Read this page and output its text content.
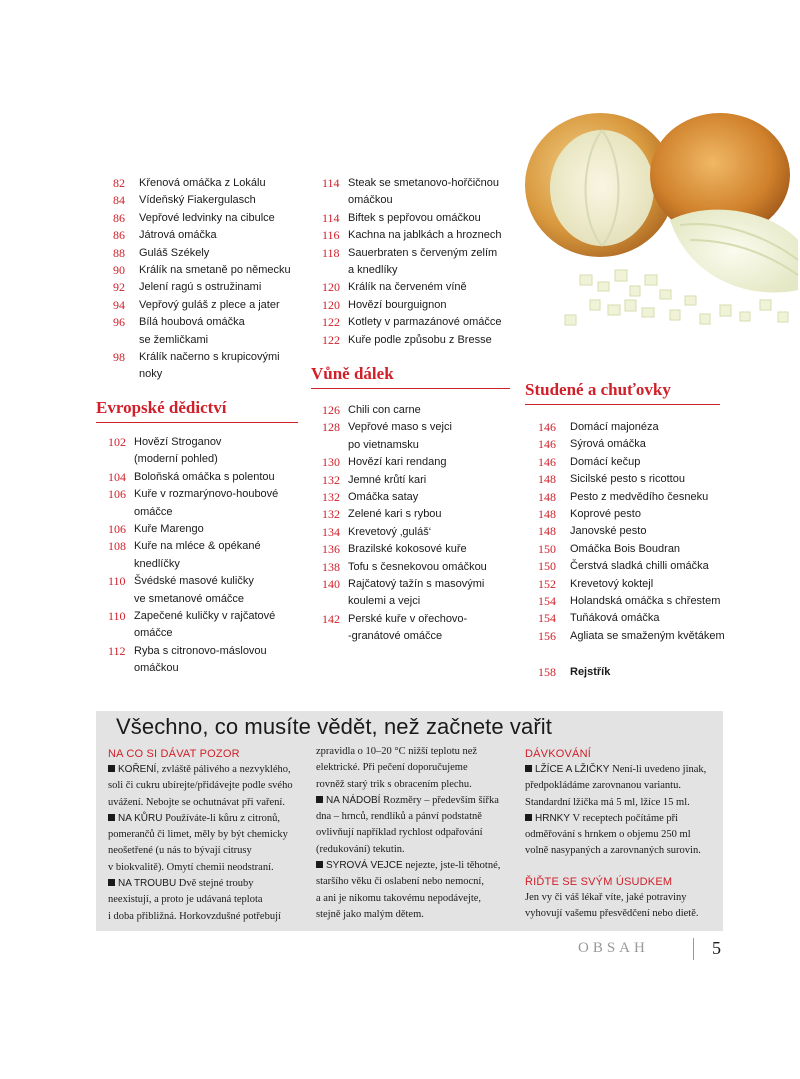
82	Křenová omáčka z Lokálu
84	Vídeňský Fiakergulasch
86	Vepřové ledvinky na cibulce
86	Játrová omáčka
88	Guláš Székely
90	Králík na smetaně po německu
92	Jelení ragú s ostružinami
94	Vepřový guláš z plece a jater
96	Bílá houbová omáčka
se žemličkami
98	Králík načerno s krupicovými
noky
Evropské dědictví
102 Hovězí Stroganov
(moderní pohled)
104 Boloňská omáčka s polentou
106 Kuře v rozmarýnovo-houbové
omáčce
106 Kuře Marengo
108 Kuře na mléce & opékané
knedlíčky
110 Švédské masové kuličky
ve smetanové omáčce
110 Zapečené kuličky v rajčatové
omáčce
112 Ryba s citronovo-máslovou
omáčkou
114 Steak se smetanovo-hořčičnou
omáčkou
114 Biftek s pepřovou omáčkou
116 Kachna na jablkách a hroznech
118 Sauerbraten s červeným zelím
a knedlíky
120 Králík na červeném víně
120 Hovězí bourguignon
122 Kotlety v parmazánové omáčce
122 Kuře podle způsobu z Bresse
Vůně dálek
126 Chili con carne
128 Vepřové maso s vejci
po vietnamsku
130 Hovězí kari rendang
132 Jemné krůtí kari
132 Omáčka satay
132 Zelené kari s rybou
134 Krevetový ‚guláš‘
136 Brazilské kokosové kuře
138 Tofu s česnekovou omáčkou
140 Rajčatový tažín s masovými
koulemi a vejci
142 Perské kuře v ořechovo-
-granátové omáčce
Studené a chuťovky
146	Domácí majonéza
146	Sýrová omáčka
146	Domácí kečup
148	Sicilské pesto s ricottou
148	Pesto z medvědího česneku
148	Koprové pesto
148	Janovské pesto
150	Omáčka Bois Boudran
150	Čerstvá sladká chilli omáčka
152	Krevetový koktejl
154	Holandská omáčka s chřestem
154	Tuňáková omáčka
156	Agliata se smaženým květákem
158	Rejstřík
Všechno, co musíte vědět, než začnete vařit
NA CO SI DÁVAT POZOR
KOŘENÍ, zvláště pálivého a nezvyklého,
soli či cukru ubírejte/přidávejte podle svého
uvážení. Nebojte se ochutnávat při vaření.
NA KŮRU Používáte-li kůru z citronů,
pomerančů či limet, měly by být chemicky
neošetřené (u nás to bývají citrusy
v biokvalitě). Omytí chemii neodstraní.
NA TROUBU Dvě stejné trouby
neexistují, a proto je udávaná teplota
i doba přibližná. Horkovzdušné potřebují
zpravidla o 10–20 °C nižší teplotu než
elektrické. Při pečení doporučujeme
rovněž starý trik s obracením plechu.
NA NÁDOBÍ Rozměry – především šířka
dna – hrnců, rendlíků a pánví podstatně
ovlivňují například rychlost odpařování
(redukování) tekutin.
SYROVÁ VEJCE nejezte, jste-li těhotné,
staršího věku či oslabení nebo nemocní,
a ani je nikomu takovému nepodávejte,
stejně jako malým dětem.
DÁVKOVÁNÍ
LŽÍCE A LŽIČKY Není-li uvedeno jinak,
předpokládáme zarovnanou variantu.
Standardní lžička má 5 ml, lžíce 15 ml.
HRNKY V receptech počítáme při
odměřování s hrnkem o objemu 250 ml
volně nasypaných a zarovnaných surovin.
ŘIĎTE SE SVÝM ÚSUDKEM
Jen vy či váš lékař víte, jaké potraviny
vyhovují vašemu přesvědčení nebo dietě.
OBSAH	5
